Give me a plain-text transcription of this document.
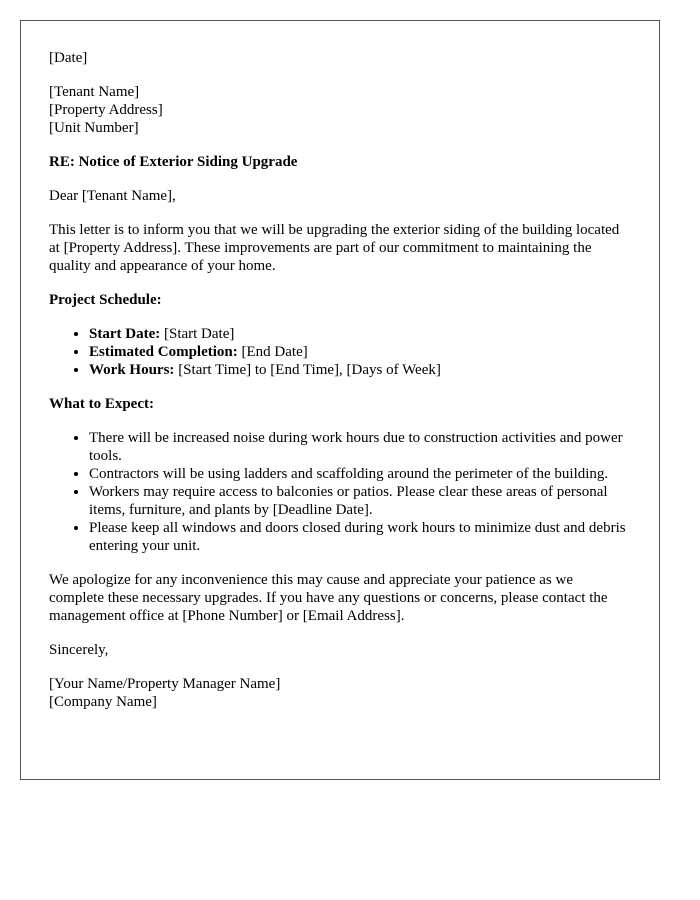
[Date]

[Tenant Name]
[Property Address]
[Unit Number]

RE: Notice of Exterior Siding Upgrade

Dear [Tenant Name],

This letter is to inform you that we will be upgrading the exterior siding of the building located at [Property Address]. These improvements are part of our commitment to maintaining the quality and appearance of your home.

Project Schedule:

• Start Date: [Start Date]
• Estimated Completion: [End Date]
• Work Hours: [Start Time] to [End Time], [Days of Week]

What to Expect:

• There will be increased noise during work hours due to construction activities and power tools.
• Contractors will be using ladders and scaffolding around the perimeter of the building.
• Workers may require access to balconies or patios. Please clear these areas of personal items, furniture, and plants by [Deadline Date].
• Please keep all windows and doors closed during work hours to minimize dust and debris entering your unit.

We apologize for any inconvenience this may cause and appreciate your patience as we complete these necessary upgrades. If you have any questions or concerns, please contact the management office at [Phone Number] or [Email Address].

Sincerely,

[Your Name/Property Manager Name]
[Company Name]
